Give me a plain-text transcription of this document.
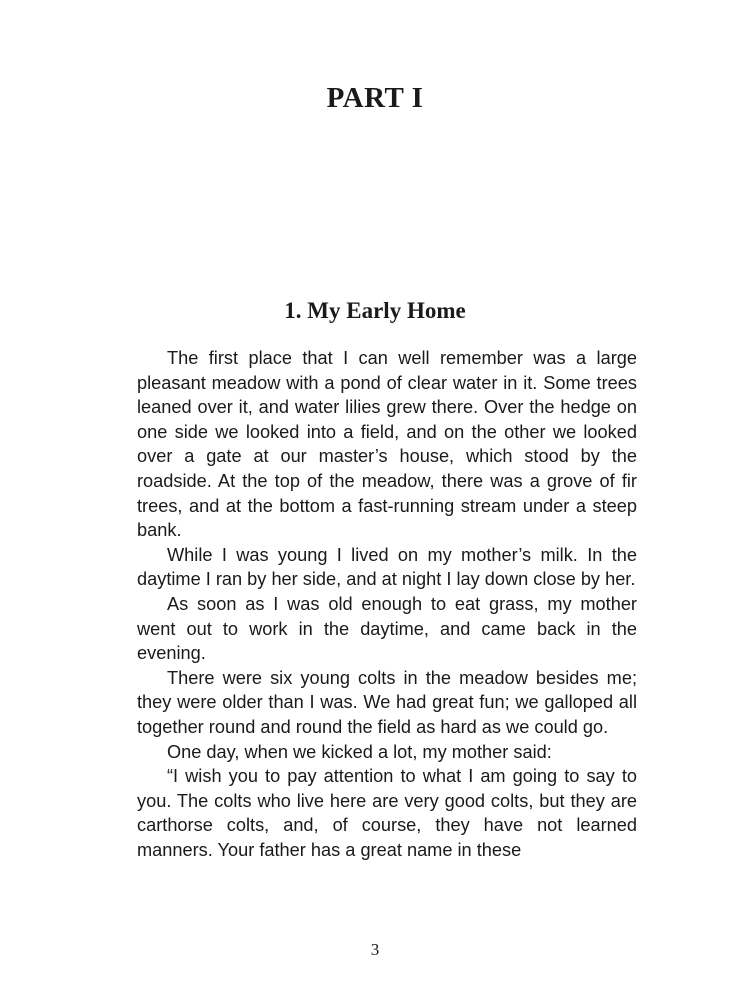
PART I
1. My Early Home

The first place that I can well remember was a large pleasant meadow with a pond of clear water in it. Some trees leaned over it, and water lilies grew there. Over the hedge on one side we looked into a field, and on the other we looked over a gate at our master’s house, which stood by the roadside. At the top of the meadow, there was a grove of fir trees, and at the bottom a fast-running stream under a steep bank.

While I was young I lived on my mother’s milk. In the daytime I ran by her side, and at night I lay down close by her.

As soon as I was old enough to eat grass, my mother went out to work in the daytime, and came back in the evening.

There were six young colts in the meadow besides me; they were older than I was. We had great fun; we galloped all together round and round the field as hard as we could go.

One day, when we kicked a lot, my mother said:

“I wish you to pay attention to what I am going to say to you. The colts who live here are very good colts, but they are carthorse colts, and, of course, they have not learned manners. Your father has a great name in these

3
